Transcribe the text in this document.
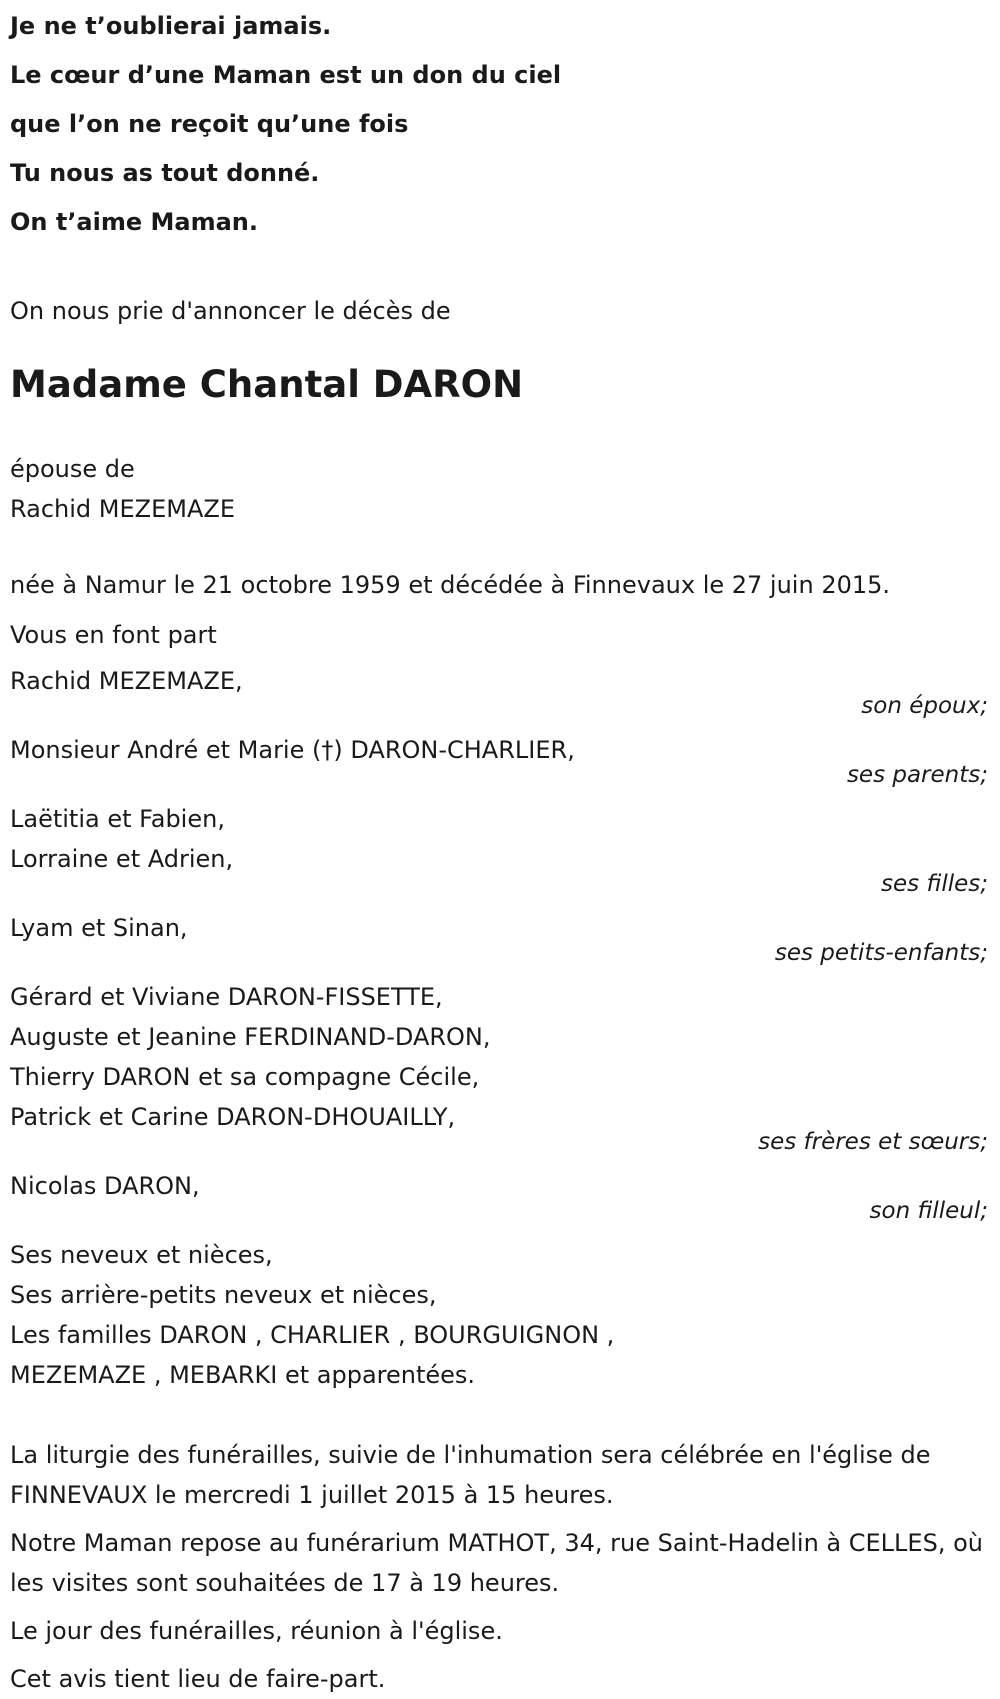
Je ne t’oublierai jamais.
Le cœur d’une Maman est un don du ciel
que l’on ne reçoit qu’une fois
Tu nous as tout donné.
On t’aime Maman.
On nous prie d'annoncer le décès de
Madame Chantal DARON
épouse de
Rachid MEZEMAZE
née à Namur le 21 octobre 1959 et décédée à Finnevaux le 27 juin 2015.
Vous en font part
Rachid MEZEMAZE,
son époux;
Monsieur André et Marie (†) DARON-CHARLIER,
ses parents;
Laëtitia et Fabien,
Lorraine et Adrien,
ses filles;
Lyam et Sinan,
ses petits-enfants;
Gérard et Viviane DARON-FISSETTE,
Auguste et Jeanine FERDINAND-DARON,
Thierry DARON et sa compagne Cécile,
Patrick et Carine DARON-DHOUAILLY,
ses frères et sœurs;
Nicolas DARON,
son filleul;
Ses neveux et nièces,
Ses arrière-petits neveux et nièces,
Les familles DARON , CHARLIER , BOURGUIGNON ,
MEZEMAZE , MEBARKI et apparentées.
La liturgie des funérailles, suivie de l'inhumation sera célébrée en l'église de FINNEVAUX le mercredi 1 juillet 2015 à 15 heures.
Notre Maman repose au funérarium MATHOT, 34, rue Saint-Hadelin à CELLES, où les visites sont souhaitées de 17 à 19 heures.
Le jour des funérailles, réunion à l'église.
Cet avis tient lieu de faire-part.
